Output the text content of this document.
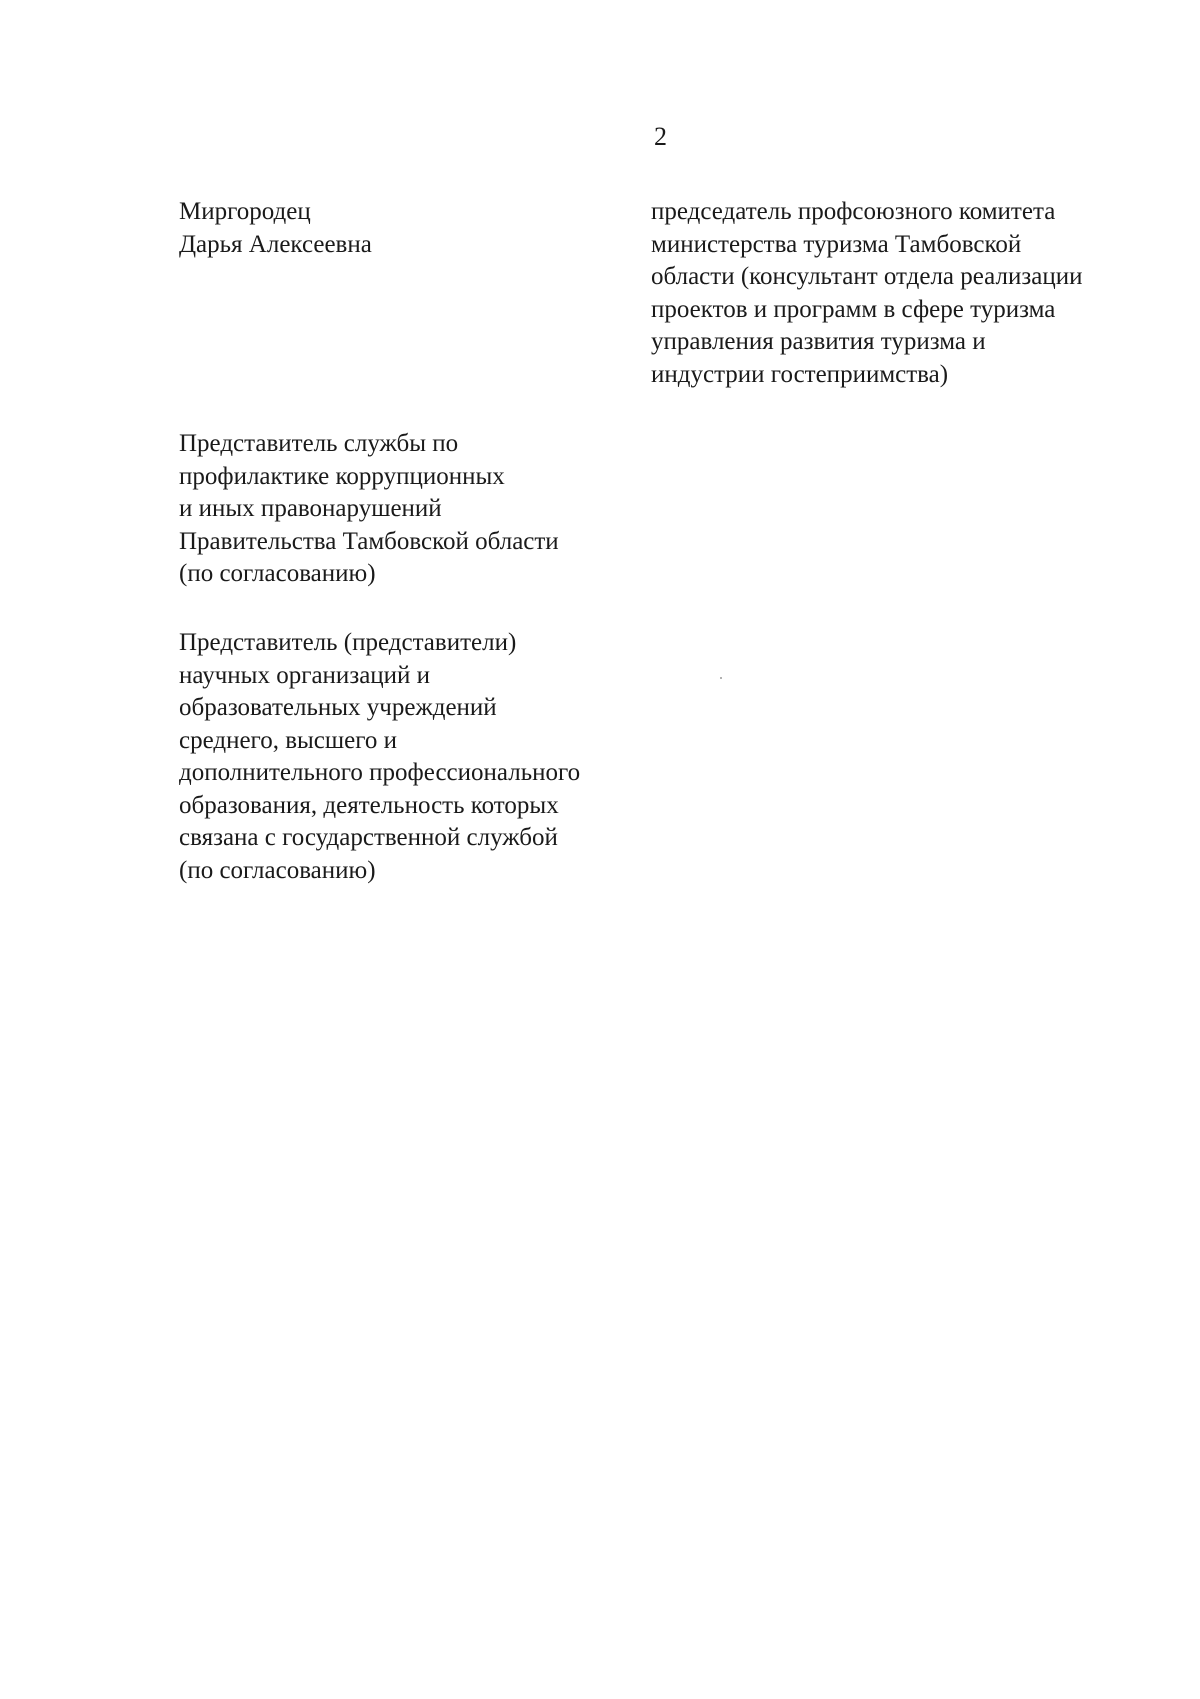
2
Миргородец
Дарья Алексеевна
председатель профсоюзного комитета
министерства туризма Тамбовской
области (консультант отдела реализации
проектов и программ в сфере туризма
управления развития туризма и
индустрии гостеприимства)
Представитель службы по
профилактике коррупционных
и иных правонарушений
Правительства Тамбовской области
(по согласованию)
Представитель (представители)
научных организаций и
образовательных учреждений
среднего, высшего и
дополнительного профессионального
образования, деятельность которых
связана с государственной службой
(по согласованию)
